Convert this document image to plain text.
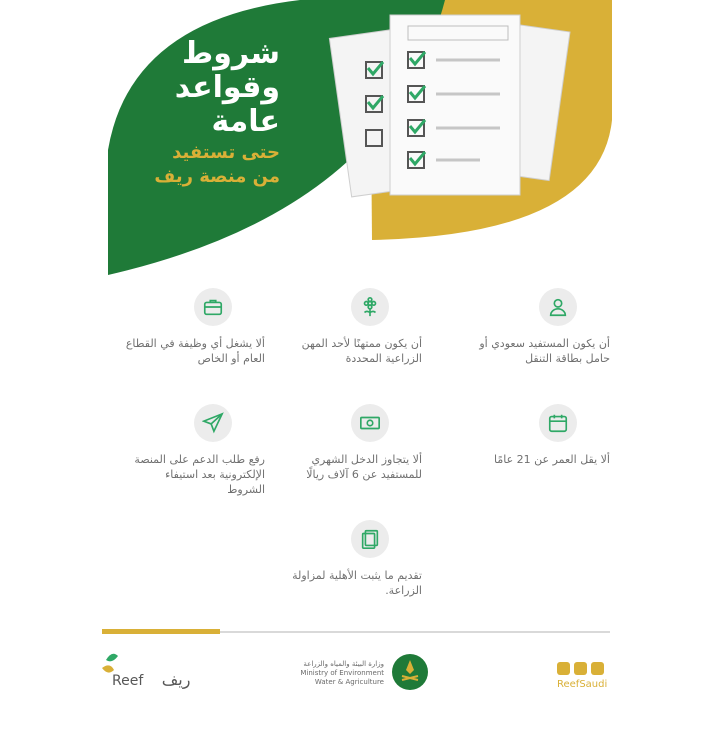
شروط
وقواعد
عامة
حتى تستفيد
من منصة ريف
أن يكون المستفيد سعودي أو حامل بطاقة التنقل
أن يكون ممتهنًا لأحد المهن الزراعية المحددة
ألا يشغل أي وظيفة في القطاع العام أو الخاص
ألا يقل العمر عن 21 عامًا
ألا يتجاوز الدخل الشهري للمستفيد عن 6 آلاف ريالًا
رفع طلب الدعم على المنصة الإلكترونية بعد استيفاء الشروط
تقديم ما يثبت الأهلية لمزاولة الزراعة.
Reef ريف
وزارة البيئة والمياه والزراعة
Ministry of Environment Water & Agriculture	ReefSaudi
